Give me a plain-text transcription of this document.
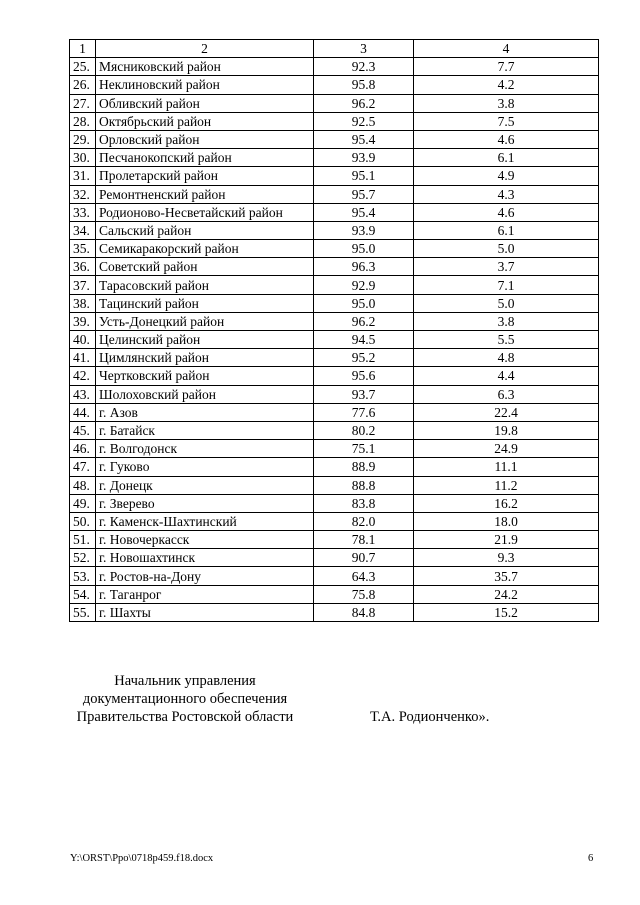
1	2	3	4
25.	Мясниковский район	92.3	7.7
26.	Неклиновский район	95.8	4.2
27.	Обливский район	96.2	3.8
28.	Октябрьский район	92.5	7.5
29.	Орловский район	95.4	4.6
30.	Песчанокопский район	93.9	6.1
31.	Пролетарский район	95.1	4.9
32.	Ремонтненский район	95.7	4.3
33.	Родионово-Несветайский район	95.4	4.6
34.	Сальский район	93.9	6.1
35.	Семикаракорский район	95.0	5.0
36.	Советский район	96.3	3.7
37.	Тарасовский район	92.9	7.1
38.	Тацинский район	95.0	5.0
39.	Усть-Донецкий район	96.2	3.8
40.	Целинский район	94.5	5.5
41.	Цимлянский район	95.2	4.8
42.	Чертковский район	95.6	4.4
43.	Шолоховский район	93.7	6.3
44.	г. Азов	77.6	22.4
45.	г. Батайск	80.2	19.8
46.	г. Волгодонск	75.1	24.9
47.	г. Гуково	88.9	11.1
48.	г. Донецк	88.8	11.2
49.	г. Зверево	83.8	16.2
50.	г. Каменск-Шахтинский	82.0	18.0
51.	г. Новочеркасск	78.1	21.9
52.	г. Новошахтинск	90.7	9.3
53.	г. Ростов-на-Дону	64.3	35.7
54.	г. Таганрог	75.8	24.2
55.	г. Шахты	84.8	15.2
Начальник управления
документационного обеспечения
Правительства Ростовской области	Т.А. Родионченко».
Y:\ORST\Ppo\0718p459.f18.docx	6
